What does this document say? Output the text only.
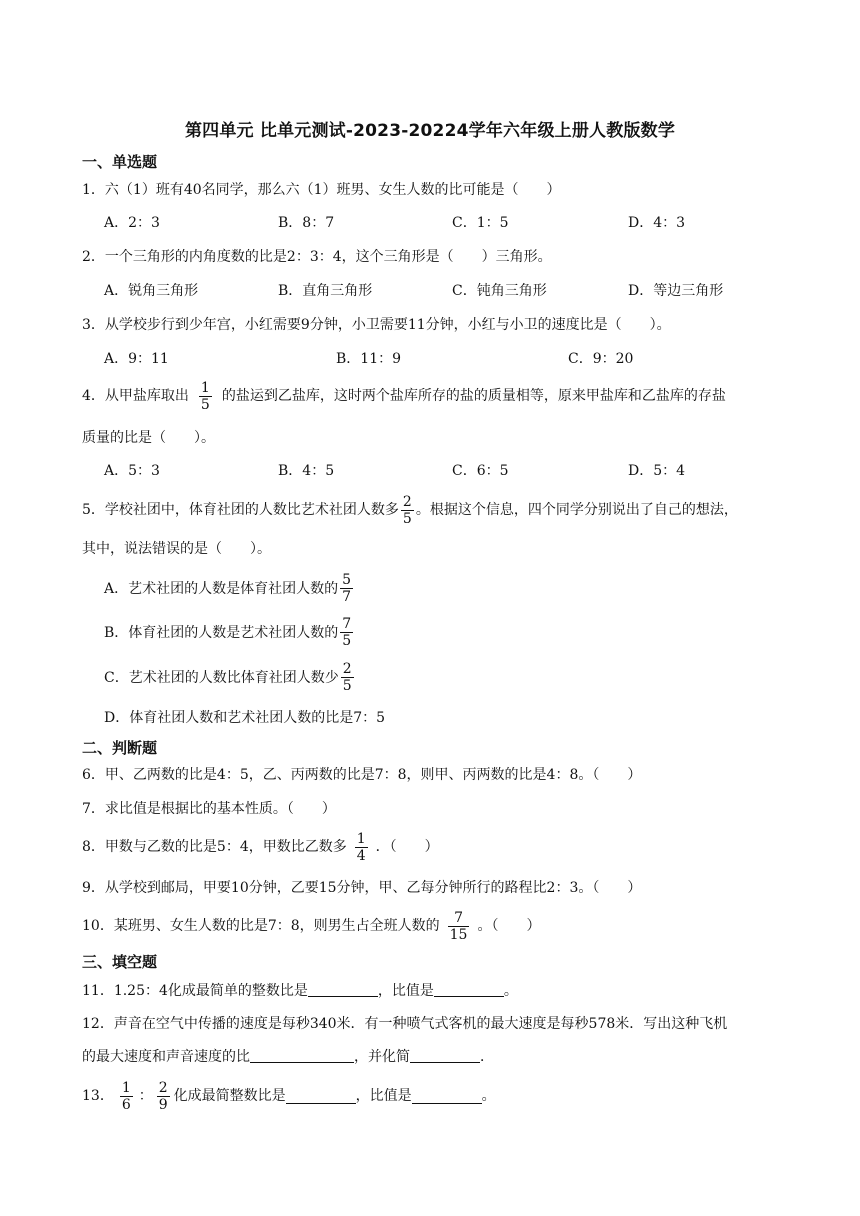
第四单元 比单元测试-2023-20224学年六年级上册人教版数学
一、单选题
1．六（1）班有40名同学，那么六（1）班男、女生人数的比可能是（　　）
A．2：3	B．8：7	C．1：5	D．4：3
2．一个三角形的内角度数的比是2：3：4，这个三角形是（　　）三角形。
A．锐角三角形	B．直角三角形	C．钝角三角形	D．等边三角形
3．从学校步行到少年宫，小红需要9分钟，小卫需要11分钟，小红与小卫的速度比是（　　）。
A．9：11	B．11：9	C．9：20
4．从甲盐库取出 $\frac{1}{5}$ 的盐运到乙盐库，这时两个盐库所存的盐的质量相等，原来甲盐库和乙盐库的存盐
质量的比是（　　）。
A．5：3	B．4：5	C．6：5	D．5：4
5．学校社团中，体育社团的人数比艺术社团人数多 $\frac{2}{5}$ 。根据这个信息，四个同学分别说出了自己的想法，
其中，说法错误的是（　　）。
A．艺术社团的人数是体育社团人数的 $\frac{5}{7}$
B．体育社团的人数是艺术社团人数的 $\frac{7}{5}$
C．艺术社团的人数比体育社团人数少 $\frac{2}{5}$
D．体育社团人数和艺术社团人数的比是7：5
二、判断题
6．甲、乙两数的比是4：5，乙、丙两数的比是7：8，则甲、丙两数的比是4：8。（　　）
7．求比值是根据比的基本性质。（　　）
8．甲数与乙数的比是5：4，甲数比乙数多 $\frac{1}{4}$ ．（　　）
9．从学校到邮局，甲要10分钟，乙要15分钟，甲、乙每分钟所行的路程比2：3。（　　）
10．某班男、女生人数的比是7：8，则男生占全班人数的 $\frac{7}{15}$ 。（　　）
三、填空题
11．1.25：4化成最简单的整数比是	，比值是	。
12．声音在空气中传播的速度是每秒340米．有一种喷气式客机的最大速度是每秒578米．写出这种飞机
的最大速度和声音速度的比	，并化简	．
13． $\frac{1}{6}$ ： $\frac{2}{9}$ 化成最简整数比是	，比值是	。
